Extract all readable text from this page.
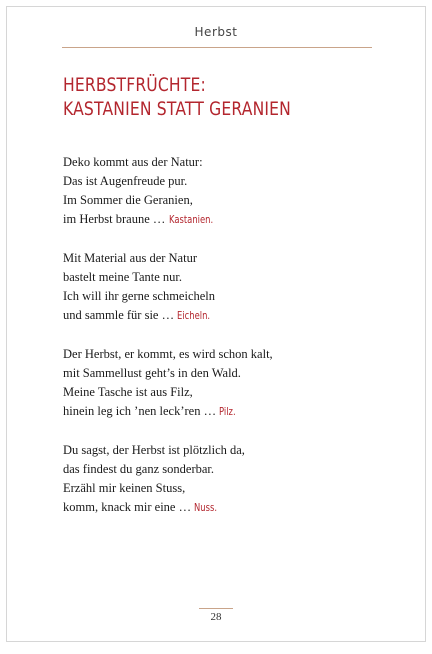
Herbst
HERBSTFRÜCHTE:
KASTANIEN STATT GERANIEN
Deko kommt aus der Natur:
Das ist Augenfreude pur.
Im Sommer die Geranien,
im Herbst braune … Kastanien.
Mit Material aus der Natur
bastelt meine Tante nur.
Ich will ihr gerne schmeicheln
und sammle für sie … Eicheln.
Der Herbst, er kommt, es wird schon kalt,
mit Sammellust geht’s in den Wald.
Meine Tasche ist aus Filz,
hinein leg ich ’nen leck’ren … Pilz.
Du sagst, der Herbst ist plötzlich da,
das findest du ganz sonderbar.
Erzähl mir keinen Stuss,
komm, knack mir eine … Nuss.
28
